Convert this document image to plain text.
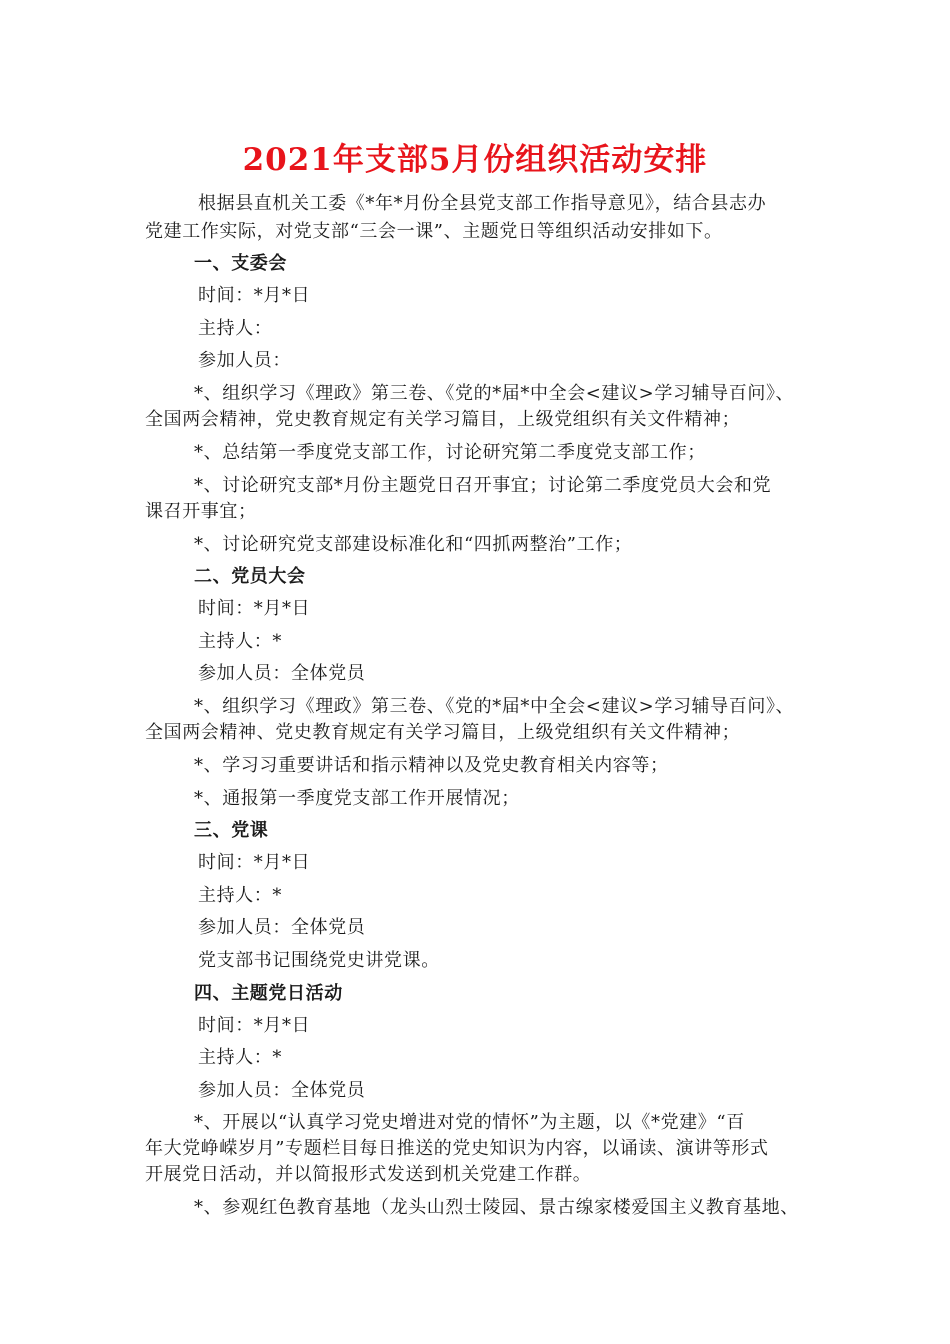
2021年支部5月份组织活动安排
根据县直机关工委《*年*月份全县党支部工作指导意见》，结合县志办
党建工作实际，对党支部“三会一课”、主题党日等组织活动安排如下。
一、支委会
时间：*月*日
主持人：
参加人员：
*、组织学习《理政》第三卷、《党的*届*中全会<建议>学习辅导百问》、
全国两会精神，党史教育规定有关学习篇目，上级党组织有关文件精神；
*、总结第一季度党支部工作，讨论研究第二季度党支部工作；
*、讨论研究支部*月份主题党日召开事宜；讨论第二季度党员大会和党
课召开事宜；
*、讨论研究党支部建设标准化和“四抓两整治”工作；
二、党员大会
时间：*月*日
主持人：*
参加人员：全体党员
*、组织学习《理政》第三卷、《党的*届*中全会<建议>学习辅导百问》、
全国两会精神、党史教育规定有关学习篇目，上级党组织有关文件精神；
*、学习习重要讲话和指示精神以及党史教育相关内容等；
*、通报第一季度党支部工作开展情况；
三、党课
时间：*月*日
主持人：*
参加人员：全体党员
党支部书记围绕党史讲党课。
四、主题党日活动
时间：*月*日
主持人：*
参加人员：全体党员
*、开展以“认真学习党史增进对党的情怀”为主题，以《*党建》“百
年大党峥嵘岁月”专题栏目每日推送的党史知识为内容，以诵读、演讲等形式
开展党日活动，并以简报形式发送到机关党建工作群。
*、参观红色教育基地（龙头山烈士陵园、景古缐家楼爱国主义教育基地、
